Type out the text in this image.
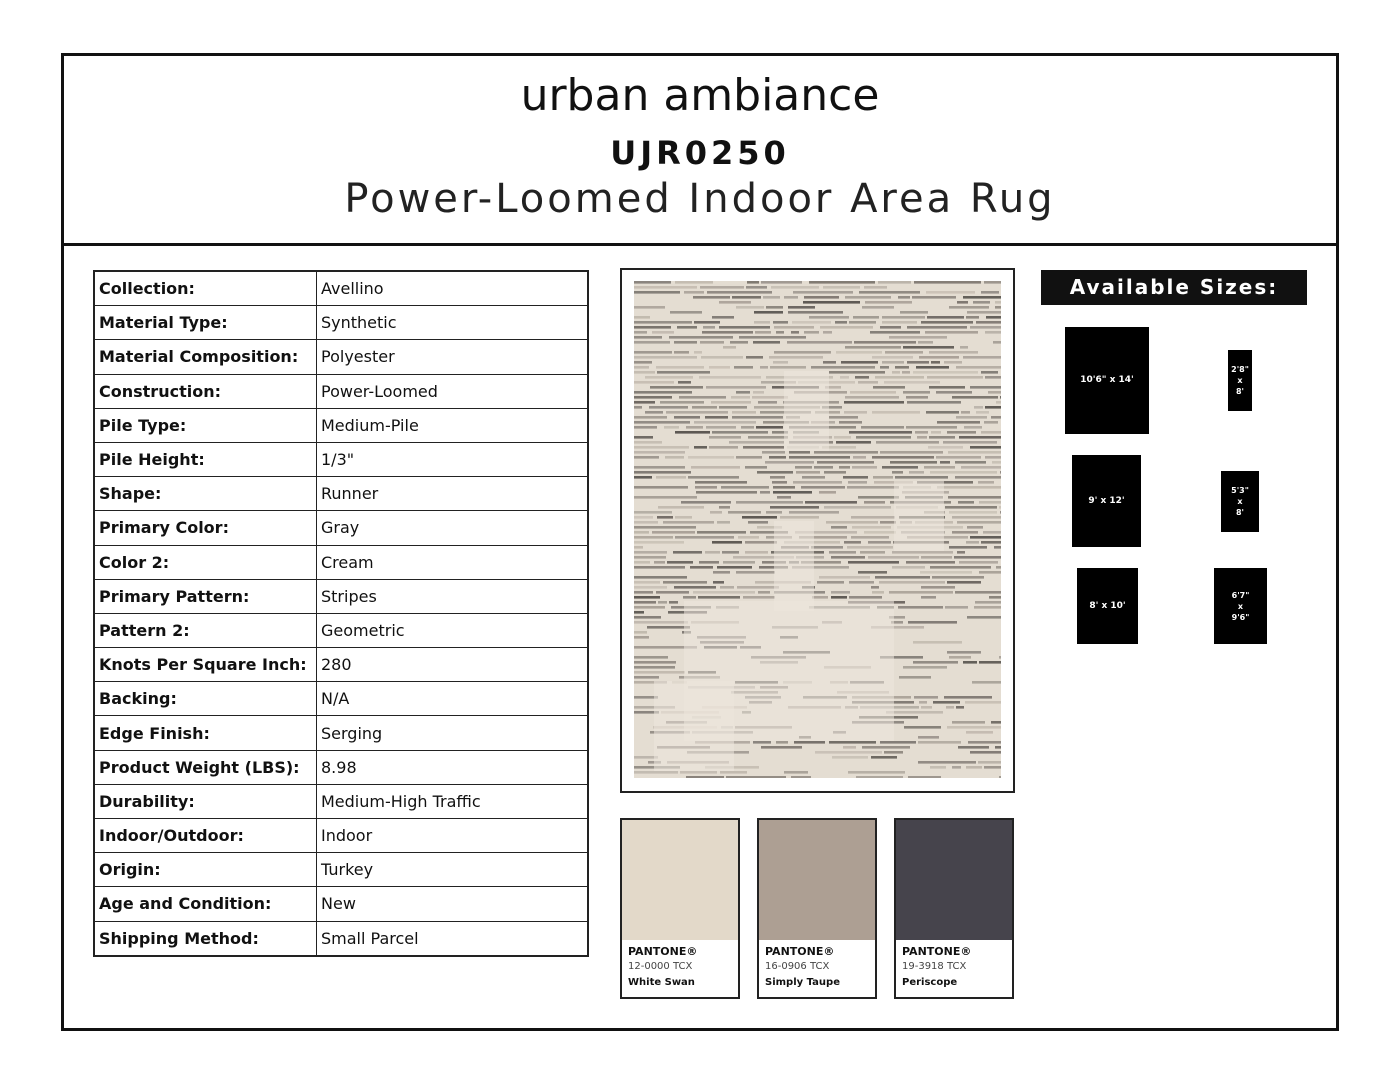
urban ambiance
UJR0250
Power-Loomed Indoor Area Rug
Collection:	Avellino
Material Type:	Synthetic
Material Composition:	Polyester
Construction:	Power-Loomed
Pile Type:	Medium-Pile
Pile Height:	1/3"
Shape:	Runner
Primary Color:	Gray
Color 2:	Cream
Primary Pattern:	Stripes
Pattern 2:	Geometric
Knots Per Square Inch:	280
Backing:	N/A
Edge Finish:	Serging
Product Weight (LBS):	8.98
Durability:	Medium-High Traffic
Indoor/Outdoor:	Indoor
Origin:	Turkey
Age and Condition:	New
Shipping Method:	Small Parcel
PANTONE®
12-0000 TCX
White Swan
PANTONE®
16-0906 TCX
Simply Taupe
PANTONE®
19-3918 TCX
Periscope
Available Sizes:
10'6" x 14'
2'8"
x
8'
9' x 12'
5'3"
x
8'
8' x 10'
6'7"
x
9'6"
